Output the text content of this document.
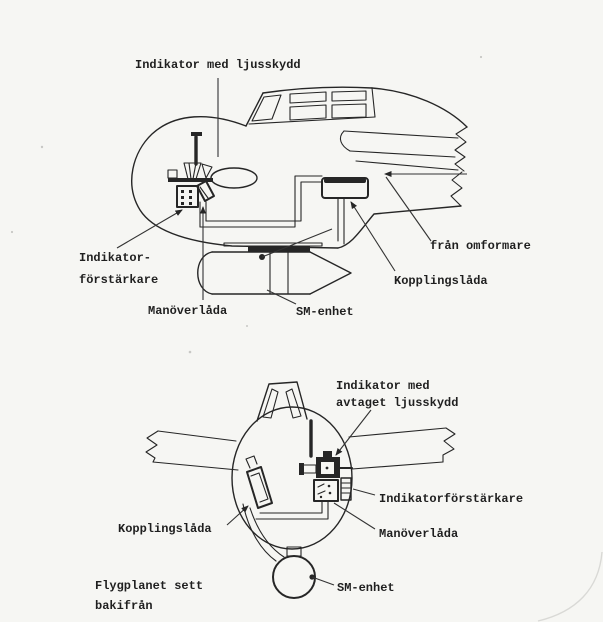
Indikator med ljusskydd
Indikator-
förstärkare
Manöverlåda	SM-enhet
från omformare
Kopplingslåda
Indikator med
avtaget ljusskydd
Indikatorförstärkare
Manöverlåda
Kopplingslåda
SM-enhet
Flygplanet sett
bakifrån
